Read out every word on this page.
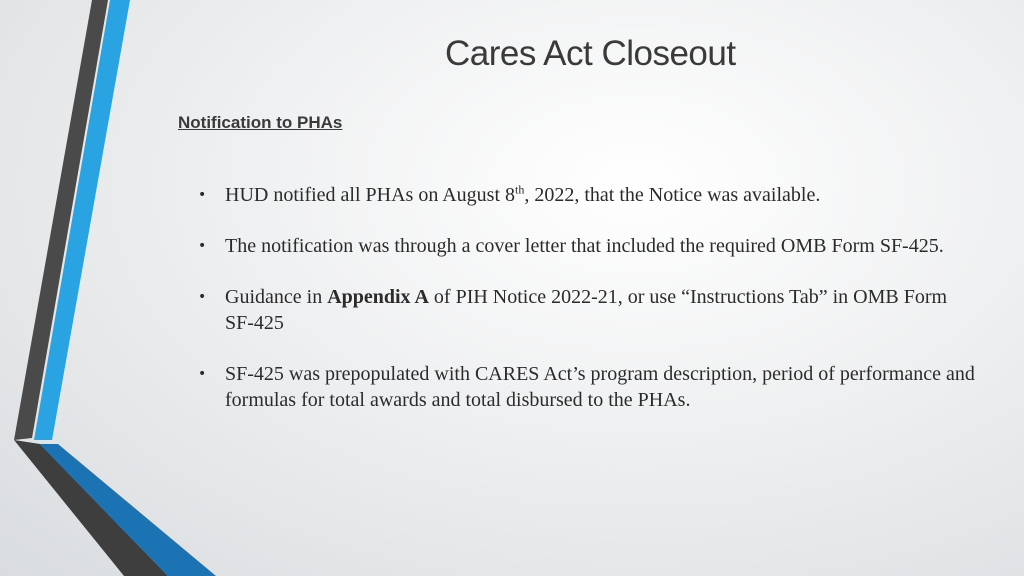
Cares Act Closeout
Notification to PHAs
• HUD notified all PHAs on August 8th, 2022, that the Notice was available.
• The notification was through a cover letter that included the required OMB Form SF-425.
• Guidance in Appendix A of PIH Notice 2022-21, or use “Instructions Tab” in OMB Form SF-425
• SF-425 was prepopulated with CARES Act’s program description, period of performance and formulas for total awards and total disbursed to the PHAs.
